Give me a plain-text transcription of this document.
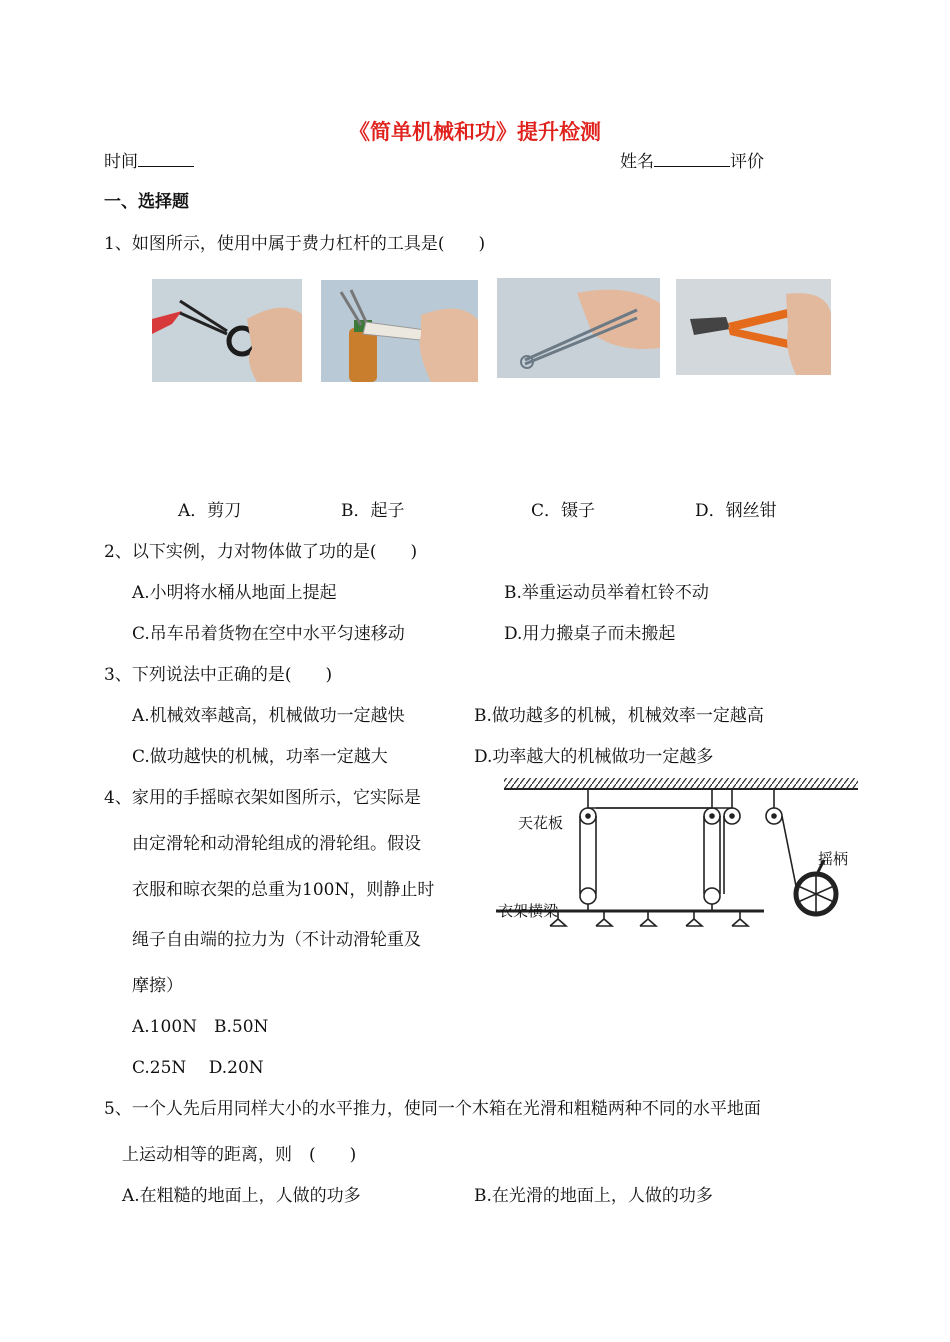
《简单机械和功》提升检测
时间	姓名	评价
一、选择题
1、如图所示，使用中属于费力杠杆的工具是(　　)
A．剪刀	B．起子	C．镊子	D．钢丝钳
2、以下实例，力对物体做了功的是(　　)
A.小明将水桶从地面上提起	B.举重运动员举着杠铃不动
C.吊车吊着货物在空中水平匀速移动	D.用力搬桌子而未搬起
3、下列说法中正确的是(　　)
A.机械效率越高，机械做功一定越快	B.做功越多的机械，机械效率一定越高
C.做功越快的机械，功率一定越大	D.功率越大的机械做功一定越多
4、家用的手摇晾衣架如图所示，它实际是
由定滑轮和动滑轮组成的滑轮组。假设
衣服和晾衣架的总重为100N，则静止时
绳子自由端的拉力为（不计动滑轮重及
摩擦）
A.100N　B.50N
C.25N　 D.20N
天花板
摇柄
衣架横梁
5、一个人先后用同样大小的水平推力，使同一个木箱在光滑和粗糙两种不同的水平地面
上运动相等的距离，则　(　　)
A.在粗糙的地面上，人做的功多	B.在光滑的地面上，人做的功多
